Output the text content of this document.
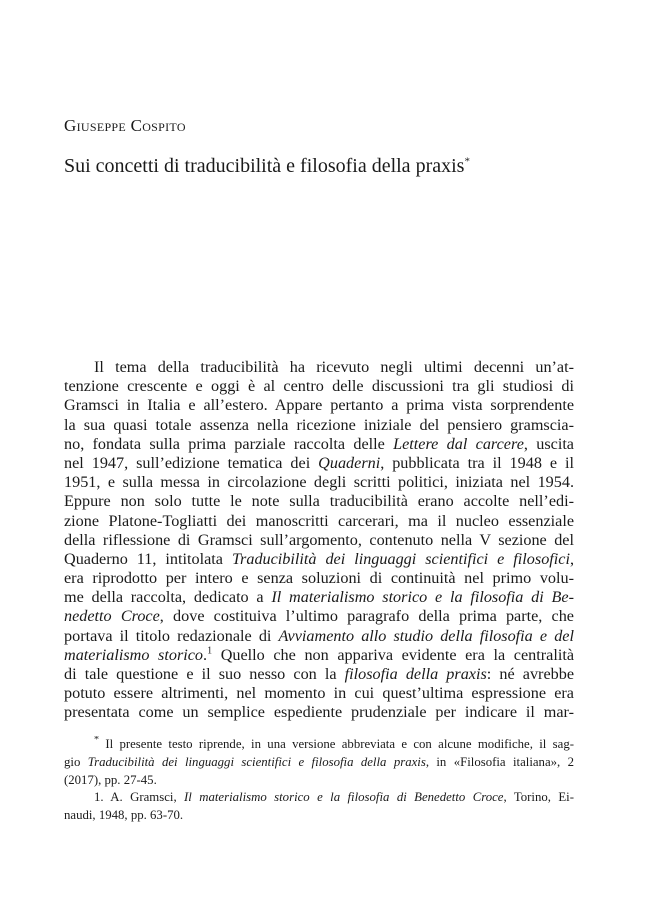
Giuseppe Cospito
Sui concetti di traducibilità e filosofia della praxis*
Il tema della traducibilità ha ricevuto negli ultimi decenni un’at-
tenzione crescente e oggi è al centro delle discussioni tra gli studiosi di
Gramsci in Italia e all’estero. Appare pertanto a prima vista sorprendente
la sua quasi totale assenza nella ricezione iniziale del pensiero gramscia-
no, fondata sulla prima parziale raccolta delle Lettere dal carcere, uscita
nel 1947, sull’edizione tematica dei Quaderni, pubblicata tra il 1948 e il
1951, e sulla messa in circolazione degli scritti politici, iniziata nel 1954.
Eppure non solo tutte le note sulla traducibilità erano accolte nell’edi-
zione Platone-Togliatti dei manoscritti carcerari, ma il nucleo essenziale
della riflessione di Gramsci sull’argomento, contenuto nella V sezione del
Quaderno 11, intitolata Traducibilità dei linguaggi scientifici e filosofici,
era riprodotto per intero e senza soluzioni di continuità nel primo volu-
me della raccolta, dedicato a Il materialismo storico e la filosofia di Be-
nedetto Croce, dove costituiva l’ultimo paragrafo della prima parte, che
portava il titolo redazionale di Avviamento allo studio della filosofia e del
materialismo storico.$^1$ Quello che non appariva evidente era la centralità
di tale questione e il suo nesso con la filosofia della praxis: né avrebbe
potuto essere altrimenti, nel momento in cui quest’ultima espressione era
presentata come un semplice espediente prudenziale per indicare il mar-
* Il presente testo riprende, in una versione abbreviata e con alcune modifiche, il sag-
gio Traducibilità dei linguaggi scientifici e filosofia della praxis, in «Filosofia italiana», 2
(2017), pp. 27-45.
1. A. Gramsci, Il materialismo storico e la filosofia di Benedetto Croce, Torino, Ei-
naudi, 1948, pp. 63-70.
